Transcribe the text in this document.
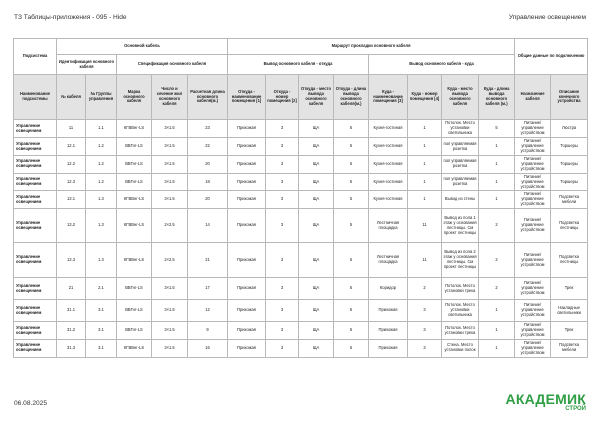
ТЗ Таблицы-приложения - 095 - Hide	Управление освещением
Подсистема	Основной кабель					Маршрут прокладки основного кабеля								Общие данные по подключению	
	Идентификация основного кабеля		Спецификация основного кабеля			Вывод основного кабеля - откуда				Вывод основного кабеля - куда					
Наименование подсистемы	№ кабеля	№ Группы управления	Марка основного кабеля	Число и сечение жил основного кабеля	Расчетная длина основного кабеля(м.)	Откуда - наименование помещения [1]	Откуда - номер помещения [2]	Откуда - место вывода основного кабеля	Откуда - длина вывода основного кабеля(м.)	Куда - наименование помещения [3]	Куда - номер помещения [4]	Куда - место вывода основного кабеля	Куда - длина вывода основного кабеля (м.)	Назначение кабеля	Описание конечного устройства
Управление освещением	11	1.1	КГВВнг-LS	3×1.5	23	Прихожая	3	ЩА	5	Кухня-гостиная	1	Потолок. Место установки светильника	5	Питание/управление устройством	Люстра
Управление освещением	12.1	1.2	ВВГнг-LS	3×1.5	22	Прихожая	3	ЩА	5	Кухня-гостиная	1	пол управляемая розетка	1	Питание/управление устройством	Торшеры
Управление освещением	12.2	1.2	ВВГнг-LS	3×1.5	20	Прихожая	3	ЩА	5	Кухня-гостиная	1	пол управляемая розетка	1	Питание/управление устройством	Торшеры
Управление освещением	12.3	1.2	ВВГнг-LS	3×1.5	18	Прихожая	3	ЩА	5	Кухня-гостиная	1	пол управляемая розетка	1	Питание/управление устройством	Торшеры
Управление освещением	13.1	1.3	КГВВнг-LS	3×1.5	20	Прихожая	3	ЩА	5	Кухня-гостиная	1	Вывод из стены	1	Питание/управление устройством	Подсветка мебели
Управление освещением	13.2	1.3	КГВВнг-LS	2×2.5	14	Прихожая	3	ЩА	5	Лестничная площадка	11	Вывод из пола 1 этаж у основания лестницы. См проект лестницы	2	Питание/управление устройством	Подсветка лестницы
Управление освещением	13.3	1.3	КГВВнг-LS	2×2.5	21	Прихожая	3	ЩА	5	Лестничная площадка	11	Вывод из пола 2 этаж у основания лестницы. См проект лестницы	2	Питание/управление устройством	Подсветка лестницы
Управление освещением	21	2.1	ВВГнг-LS	3×1.5	17	Прихожая	3	ЩА	5	Коридор	2	Потолок. Место установки трека	2	Питание/управление устройством	Трек
Управление освещением	31.1	3.1	ВВГнг-LS	3×1.5	12	Прихожая	3	ЩА	5	Прихожая	3	Потолок. Место установки светильника	1	Питание/управление устройством	Накладные светильники
Управление освещением	31.2	3.1	ВВГнг-LS	3×1.5	9	Прихожая	3	ЩА	5	Прихожая	3	Потолок. Место установки трека	1	Питание/управление устройством	Трек
Управление освещением	31.3	3.1	КГВВнг-LS	3×1.5	16	Прихожая	3	ЩА	5	Прихожая	3	Стена. Место установки полок	1	Питание/управление устройством	Подсветка мебели
06.08.2025	АКАДЕМИК
СТРОЙ
